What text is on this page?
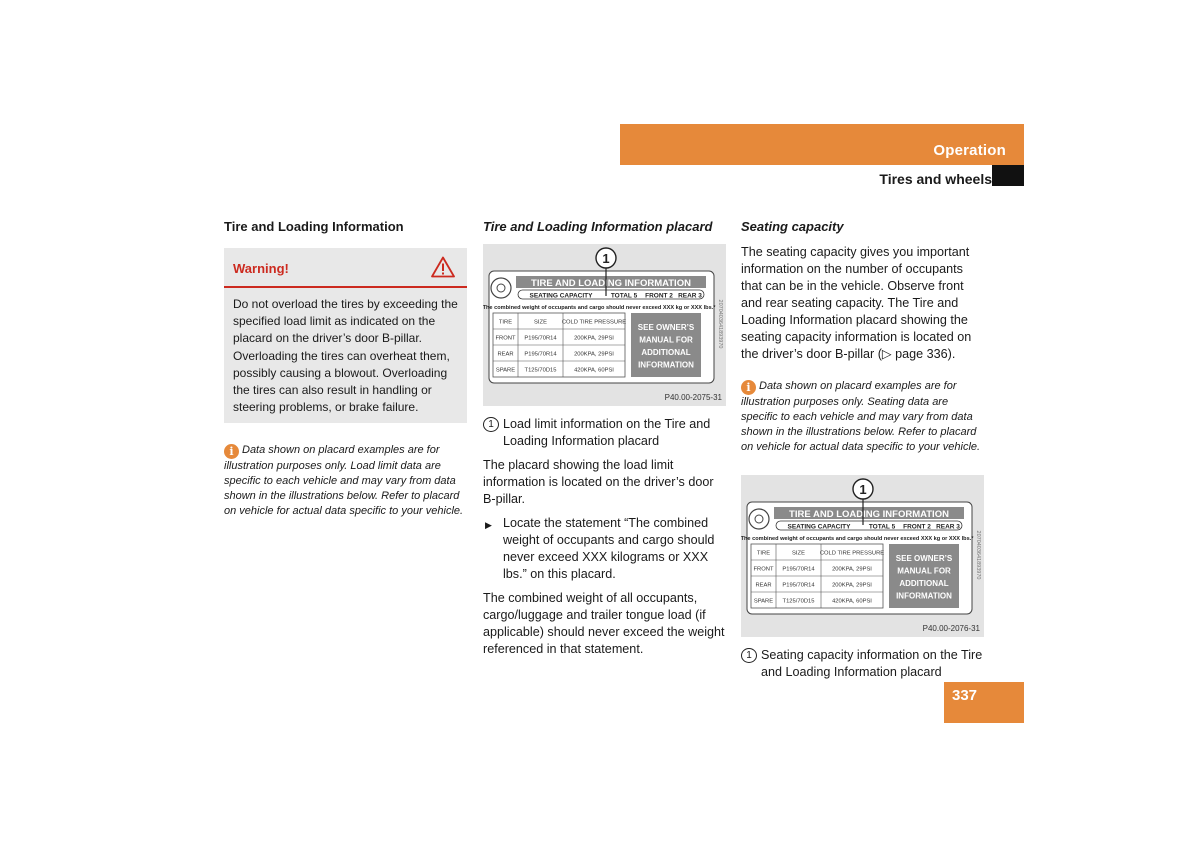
Operation
Tires and wheels
Tire and Loading Information
Warning!
Do not overload the tires by exceeding the specified load limit as indicated on the placard on the driver’s door B-pillar. Overloading the tires can overheat them, possibly causing a blowout. Overloading the tires can also result in handling or steering problems, or brake failure.
i Data shown on placard examples are for illustration purposes only. Load limit data are specific to each vehicle and may vary from data shown in the illustrations below. Refer to placard on vehicle for actual data specific to your vehicle.
Tire and Loading Information placard
TIRE AND LOADING INFORMATION
SEATING CAPACITY	TOTAL 5 FRONT 2 REAR 3
The combined weight of occupants and cargo should never exceed XXX kg or XXX lbs.*
TIRE	SIZE	COLD TIRE PRESSURE
FRONT P195/70R14	200KPA, 29PSI
REAR P195/70R14	200KPA, 29PSI
SPARE T125/70D15	420KPA, 60PSI
SEE OWNER’S
MANUAL FOR
ADDITIONAL
INFORMATION
2070403641893970
1
P40.00-2075-31
1 Load limit information on the Tire and Loading Information placard
The placard showing the load limit information is located on the driver’s door B-pillar.
▶ Locate the statement “The combined weight of occupants and cargo should never exceed XXX kilograms or XXX lbs.” on this placard.
The combined weight of all occupants, cargo/luggage and trailer tongue load (if applicable) should never exceed the weight referenced in that statement.
Seating capacity
The seating capacity gives you important information on the number of occupants that can be in the vehicle. Observe front and rear seating capacity. The Tire and Loading Information placard showing the seating capacity information is located on the driver’s door B-pillar (▷ page 336).
i Data shown on placard examples are for illustration purposes only. Seating data are specific to each vehicle and may vary from data shown in the illustrations below. Refer to placard on vehicle for actual data specific to your vehicle.
TIRE AND LOADING INFORMATION
SEATING CAPACITY	TOTAL 5 FRONT 2 REAR 3
The combined weight of occupants and cargo should never exceed XXX kg or XXX lbs.*
TIRE	SIZE	COLD TIRE PRESSURE
FRONT P195/70R14	200KPA, 29PSI
REAR P195/70R14	200KPA, 29PSI
SPARE T125/70D15	420KPA, 60PSI
SEE OWNER’S
MANUAL FOR
ADDITIONAL
INFORMATION
2070403641893970
1
P40.00-2076-31
1 Seating capacity information on the Tire and Loading Information placard
337
